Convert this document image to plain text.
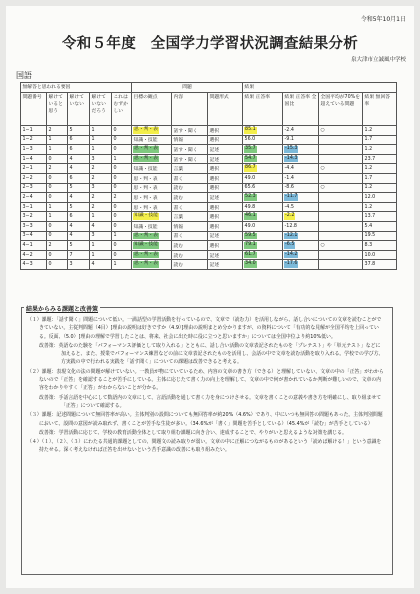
令和5年10月1日
令和５年度　全国学力学習状況調査結果分析
泉大津市立誠風中学校
国語
無解答と思われる要因					問題			結果			
問題番号	解けていると思う	解けていない	解けていないだろう	これはむずかしい	目標の観点	内容	問題形式	結果 正答率	結果 正答率 全国比	全国平均が70%を超えている問題	結果 無回答率
1−1	2	5	1	0	思・判・表	話す・聞く	選択	85.1	-2.4	○	1.2
1−2	1	6	1	0	知識・技能	情報	選択	56.0	-9.1		1.7
1−3	1	6	1	0	思・判・表	話す・聞く	記述	35.7	-15.3		1.2
1−4	0	4	3	1	思・判・表	話す・聞く	記述	54.7	-14.3		23.7
2−1	2	4	2	0	知識・技能	言葉	選択	86.7	-4.4	○	1.2
2−2	0	6	2	0	思・判・表	書く	選択	49.0	-1.4		1.7
2−3	0	5	3	0	思・判・表	読む	選択	65.6	-8.6	○	1.2
2−4	0	4	2	2	思・判・表	読む	記述	52.3	-11.7		12.0
3−1	1	5	2	0	思・判・表	書く	選択	49.8	-4.5		1.2
3−2	1	6	1	0	知識・技能	言葉	選択	46.1	-2.2		13.7
3−3	0	4	4	0	知識・技能	情報	選択	49.0	-12.8		5.4
3−4	0	4	3	1	思・判・表	書く	記述	59.5	-12.1		19.5
4−1	2	5	1	0	知識・技能	読む	選択	79.1	-6.5	○	8.3
4−2	0	7	1	0	思・判・表	読む	記述	61.7	-14.2		10.0
4−3	0	3	4	1	思・判・表	読む	記述	34.0	-17.6		37.8
結果からみる課題と改善策

（１）課題：「話す聞く」問題について低い。一満話型の学習活動を行っているので、文章で（読む力）を活用しながら、話し合いについての文章を読むことができていない。主従判問題（4目）[理由の説明は好きですか（4.9）]理由の説明まとめ分かりますが、の資料について「有功的な見解が全国平均を上回っている。反面、（5.0）[理由の理解で学習したことは、将来、社会に出た時に役に立つと思いますか」については全国中位より約10%低い。

改善策：英語なのた験を「パフォーマンス評価として取り入れる」とともに、話し合い活動の文章表記されたものを「プレテスト」や「単元テスト」などに加えると、また、授業でパフォーマンス練習などの前に文章表記されたものを活用し、会話の中で文章を読む活動を取り入れる。学校での学び方、方実践の中で行われる実践を「話す聞く」についての課題は改善できると考える。

（２）課題：表現文化の法の問題が解けていない。一教員が物にていているため、内容の文章の書き方（できる）と理解していない、文章の中の「正答」がわからないので「正答」を確認することが苦手にしている。主体に応じたて書く力の向上を理解して、文章の中で何が書かれているか判断が難しいので、文章の内容をわかりやすく「正答」がわからないことが分かる。

改善策：手話言語を中心にして数語内の文章にして、言語活動を通して書く力を身につけさせる。文章を書くことの意義や書き方を明確にし、取り組ませて「正答」について確認する。

（３）課題：記述問題について無回答率が高い。主体判別の設問についても無回答率が約20%（4.6%）であり、中にいつも無回答の問題もあった。主体判別問題において、設問の意図が読み取れず、書くことが苦手な生徒が多い。（34.6%が「書く」問題を苦手としている）（45.4%が「読む」が苦手としている）

改善策：学習活動に応じて、学校の教育活動全体として取り組む課題に向き合い、達成することで、やりがいと思えるような対策を講じる。

（４）（１）、（２）、（３）にわたる共通的課題としての、問題文の読み取りが弱い。文章の中に正解につながるものがあるという「読めば解ける！」という意識を持たせる。深く考えなければ正答を出せないという苦手意識の改善にも取り組みたい。
